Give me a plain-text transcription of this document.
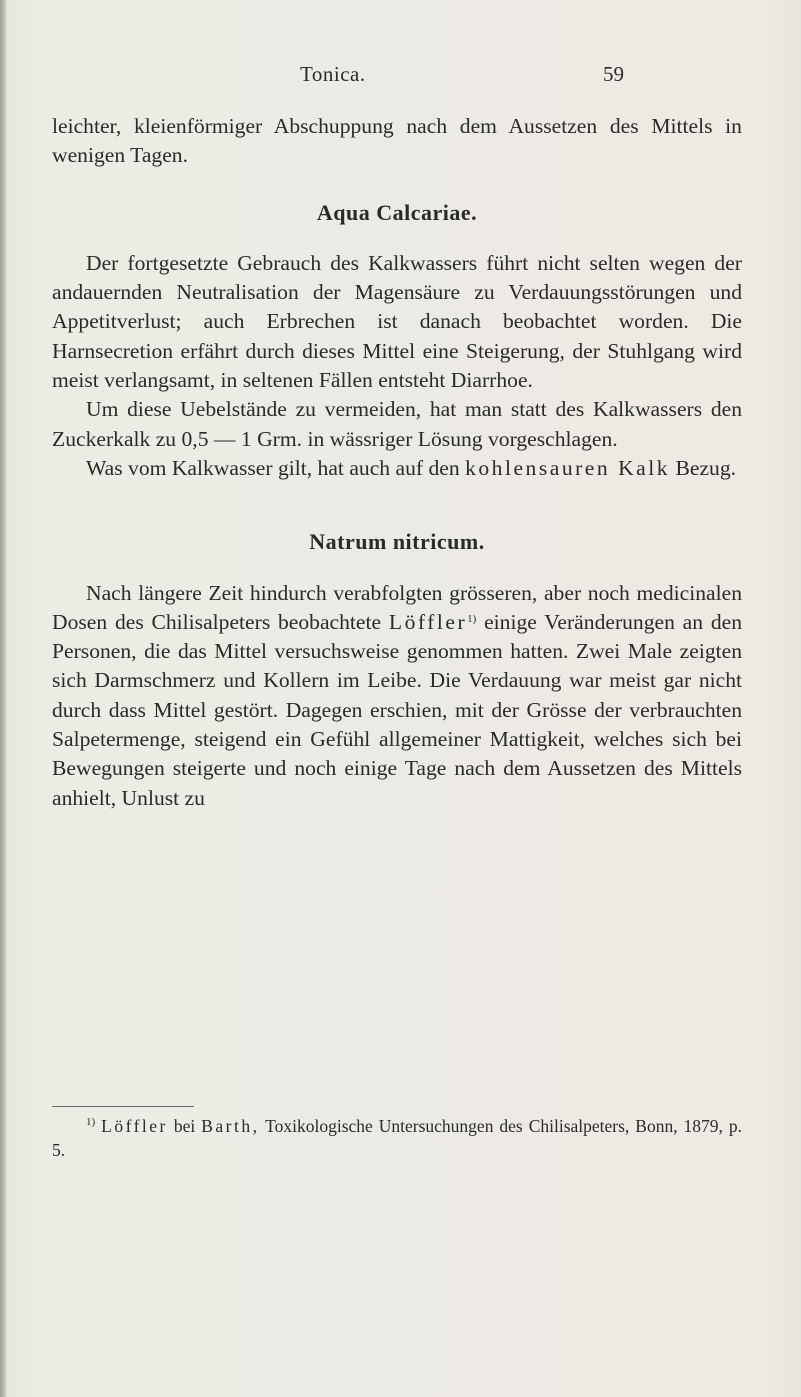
Tonica.	59

leichter, kleienförmiger Abschuppung nach dem Aussetzen des Mittels in wenigen Tagen.

Aqua Calcariae.

Der fortgesetzte Gebrauch des Kalkwassers führt nicht selten wegen der andauernden Neutralisation der Magensäure zu Verdauungsstörungen und Appetitverlust; auch Erbrechen ist danach beobachtet worden. Die Harnsecretion erfährt durch dieses Mittel eine Steigerung, der Stuhlgang wird meist verlangsamt, in seltenen Fällen entsteht Diarrhoe.

Um diese Uebelstände zu vermeiden, hat man statt des Kalkwassers den Zuckerkalk zu 0,5 — 1 Grm. in wässriger Lösung vorgeschlagen.

Was vom Kalkwasser gilt, hat auch auf den kohlensauren Kalk Bezug.

Natrum nitricum.

Nach längere Zeit hindurch verabfolgten grösseren, aber noch medicinalen Dosen des Chilisalpeters beobachtete Löffler$^{1)}$ einige Veränderungen an den Personen, die das Mittel versuchsweise genommen hatten. Zwei Male zeigten sich Darmschmerz und Kollern im Leibe. Die Verdauung war meist gar nicht durch dass Mittel gestört. Dagegen erschien, mit der Grösse der verbrauchten Salpetermenge, steigend ein Gefühl allgemeiner Mattigkeit, welches sich bei Bewegungen steigerte und noch einige Tage nach dem Aussetzen des Mittels anhielt, Unlust zu

$^{1)}$ Löffler bei Barth, Toxikologische Untersuchungen des Chilisalpeters, Bonn, 1879, p. 5.
